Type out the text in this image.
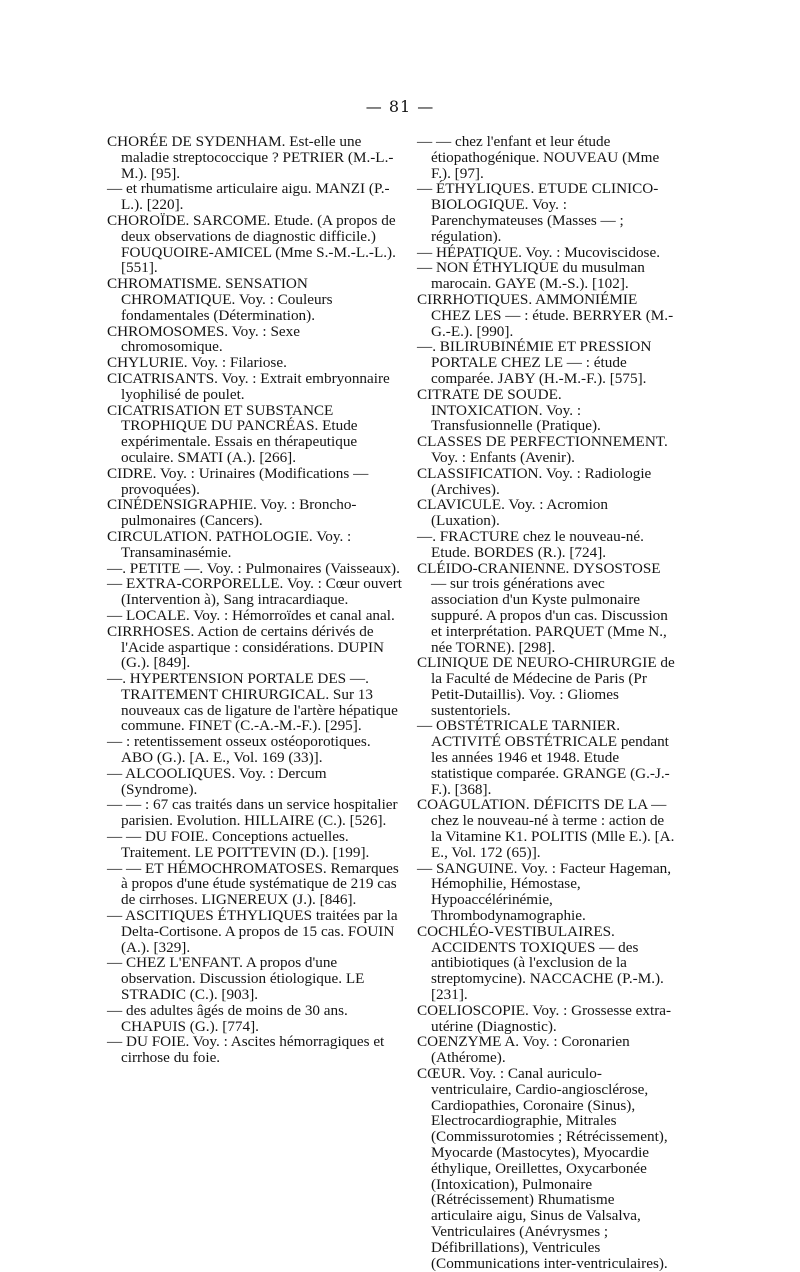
— 81 —

CHORÉE DE SYDENHAM. Est-elle une maladie streptococcique ? PETRIER (M.-L.-M.). [95].

— et rhumatisme articulaire aigu. MANZI (P.-L.). [220].

CHOROÏDE. SARCOME. Etude. (A propos de deux observations de diagnostic difficile.) FOUQUOIRE-AMICEL (Mme S.-M.-L.-L.). [551].

CHROMATISME. SENSATION CHROMATIQUE. Voy. : Couleurs fondamentales (Détermination).

CHROMOSOMES. Voy. : Sexe chromosomique.

CHYLURIE. Voy. : Filariose.

CICATRISANTS. Voy. : Extrait embryonnaire lyophilisé de poulet.

CICATRISATION ET SUBSTANCE TROPHIQUE DU PANCRÉAS. Etude expérimentale. Essais en thérapeutique oculaire. SMATI (A.). [266].

CIDRE. Voy. : Urinaires (Modifications — provoquées).

CINÉDENSIGRAPHIE. Voy. : Broncho-pulmonaires (Cancers).

CIRCULATION. PATHOLOGIE. Voy. : Transaminasémie.

—. PETITE —. Voy. : Pulmonaires (Vaisseaux).

— EXTRA-CORPORELLE. Voy. : Cœur ouvert (Intervention à), Sang intracardiaque.

— LOCALE. Voy. : Hémorroïdes et canal anal.

CIRRHOSES. Action de certains dérivés de l'Acide aspartique : considérations. DUPIN (G.). [849].

—. HYPERTENSION PORTALE DES —. TRAITEMENT CHIRURGICAL. Sur 13 nouveaux cas de ligature de l'artère hépatique commune. FINET (C.-A.-M.-F.). [295].

— : retentissement osseux ostéoporotiques. ABO (G.). [A. E., Vol. 169 (33)].

— ALCOOLIQUES. Voy. : Dercum (Syndrome).

— — : 67 cas traités dans un service hospitalier parisien. Evolution. HILLAIRE (C.). [526].

— — DU FOIE. Conceptions actuelles. Traitement. LE POITTEVIN (D.). [199].

— — ET HÉMOCHROMATOSES. Remarques à propos d'une étude systématique de 219 cas de cirrhoses. LIGNEREUX (J.). [846].

— ASCITIQUES ÉTHYLIQUES traitées par la Delta-Cortisone. A propos de 15 cas. FOUIN (A.). [329].

— CHEZ L'ENFANT. A propos d'une observation. Discussion étiologique. LE STRADIC (C.). [903].

— des adultes âgés de moins de 30 ans. CHAPUIS (G.). [774].

— DU FOIE. Voy. : Ascites hémorragiques et cirrhose du foie.

— — chez l'enfant et leur étude étiopathogénique. NOUVEAU (Mme F.). [97].

— ÉTHYLIQUES. ETUDE CLINICO-BIOLOGIQUE. Voy. : Parenchymateuses (Masses — ; régulation).

— HÉPATIQUE. Voy. : Mucoviscidose.

— NON ÉTHYLIQUE du musulman marocain. GAYE (M.-S.). [102].

CIRRHOTIQUES. AMMONIÉMIE CHEZ LES — : étude. BERRYER (M.-G.-E.). [990].

—. BILIRUBINÉMIE ET PRESSION PORTALE CHEZ LE — : étude comparée. JABY (H.-M.-F.). [575].

CITRATE DE SOUDE. INTOXICATION. Voy. : Transfusionnelle (Pratique).

CLASSES DE PERFECTIONNEMENT. Voy. : Enfants (Avenir).

CLASSIFICATION. Voy. : Radiologie (Archives).

CLAVICULE. Voy. : Acromion (Luxation).

—. FRACTURE chez le nouveau-né. Etude. BORDES (R.). [724].

CLÉIDO-CRANIENNE. DYSOSTOSE — sur trois générations avec association d'un Kyste pulmonaire suppuré. A propos d'un cas. Discussion et interprétation. PARQUET (Mme N., née TORNE). [298].

CLINIQUE DE NEURO-CHIRURGIE de la Faculté de Médecine de Paris (Pr Petit-Dutaillis). Voy. : Gliomes sustentoriels.

— OBSTÉTRICALE TARNIER. ACTIVITÉ OBSTÉTRICALE pendant les années 1946 et 1948. Etude statistique comparée. GRANGE (G.-J.-F.). [368].

COAGULATION. DÉFICITS DE LA — chez le nouveau-né à terme : action de la Vitamine K1. POLITIS (Mlle E.). [A. E., Vol. 172 (65)].

— SANGUINE. Voy. : Facteur Hageman, Hémophilie, Hémostase, Hypoaccélérinémie, Thrombodynamographie.

COCHLÉO-VESTIBULAIRES. ACCIDENTS TOXIQUES — des antibiotiques (à l'exclusion de la streptomycine). NACCACHE (P.-M.). [231].

COELIOSCOPIE. Voy. : Grossesse extra-utérine (Diagnostic).

COENZYME A. Voy. : Coronarien (Athérome).

CŒUR. Voy. : Canal auriculo-ventriculaire, Cardio-angiosclérose, Cardiopathies, Coronaire (Sinus), Electrocardiographie, Mitrales (Commissurotomies ; Rétrécissement), Myocarde (Mastocytes), Myocardie éthylique, Oreillettes, Oxycarbonée (Intoxication), Pulmonaire (Rétrécissement) Rhumatisme articulaire aigu, Sinus de Valsalva, Ventriculaires (Anévrysmes ; Défibrillations), Ventricules (Communications inter-ventriculaires).
